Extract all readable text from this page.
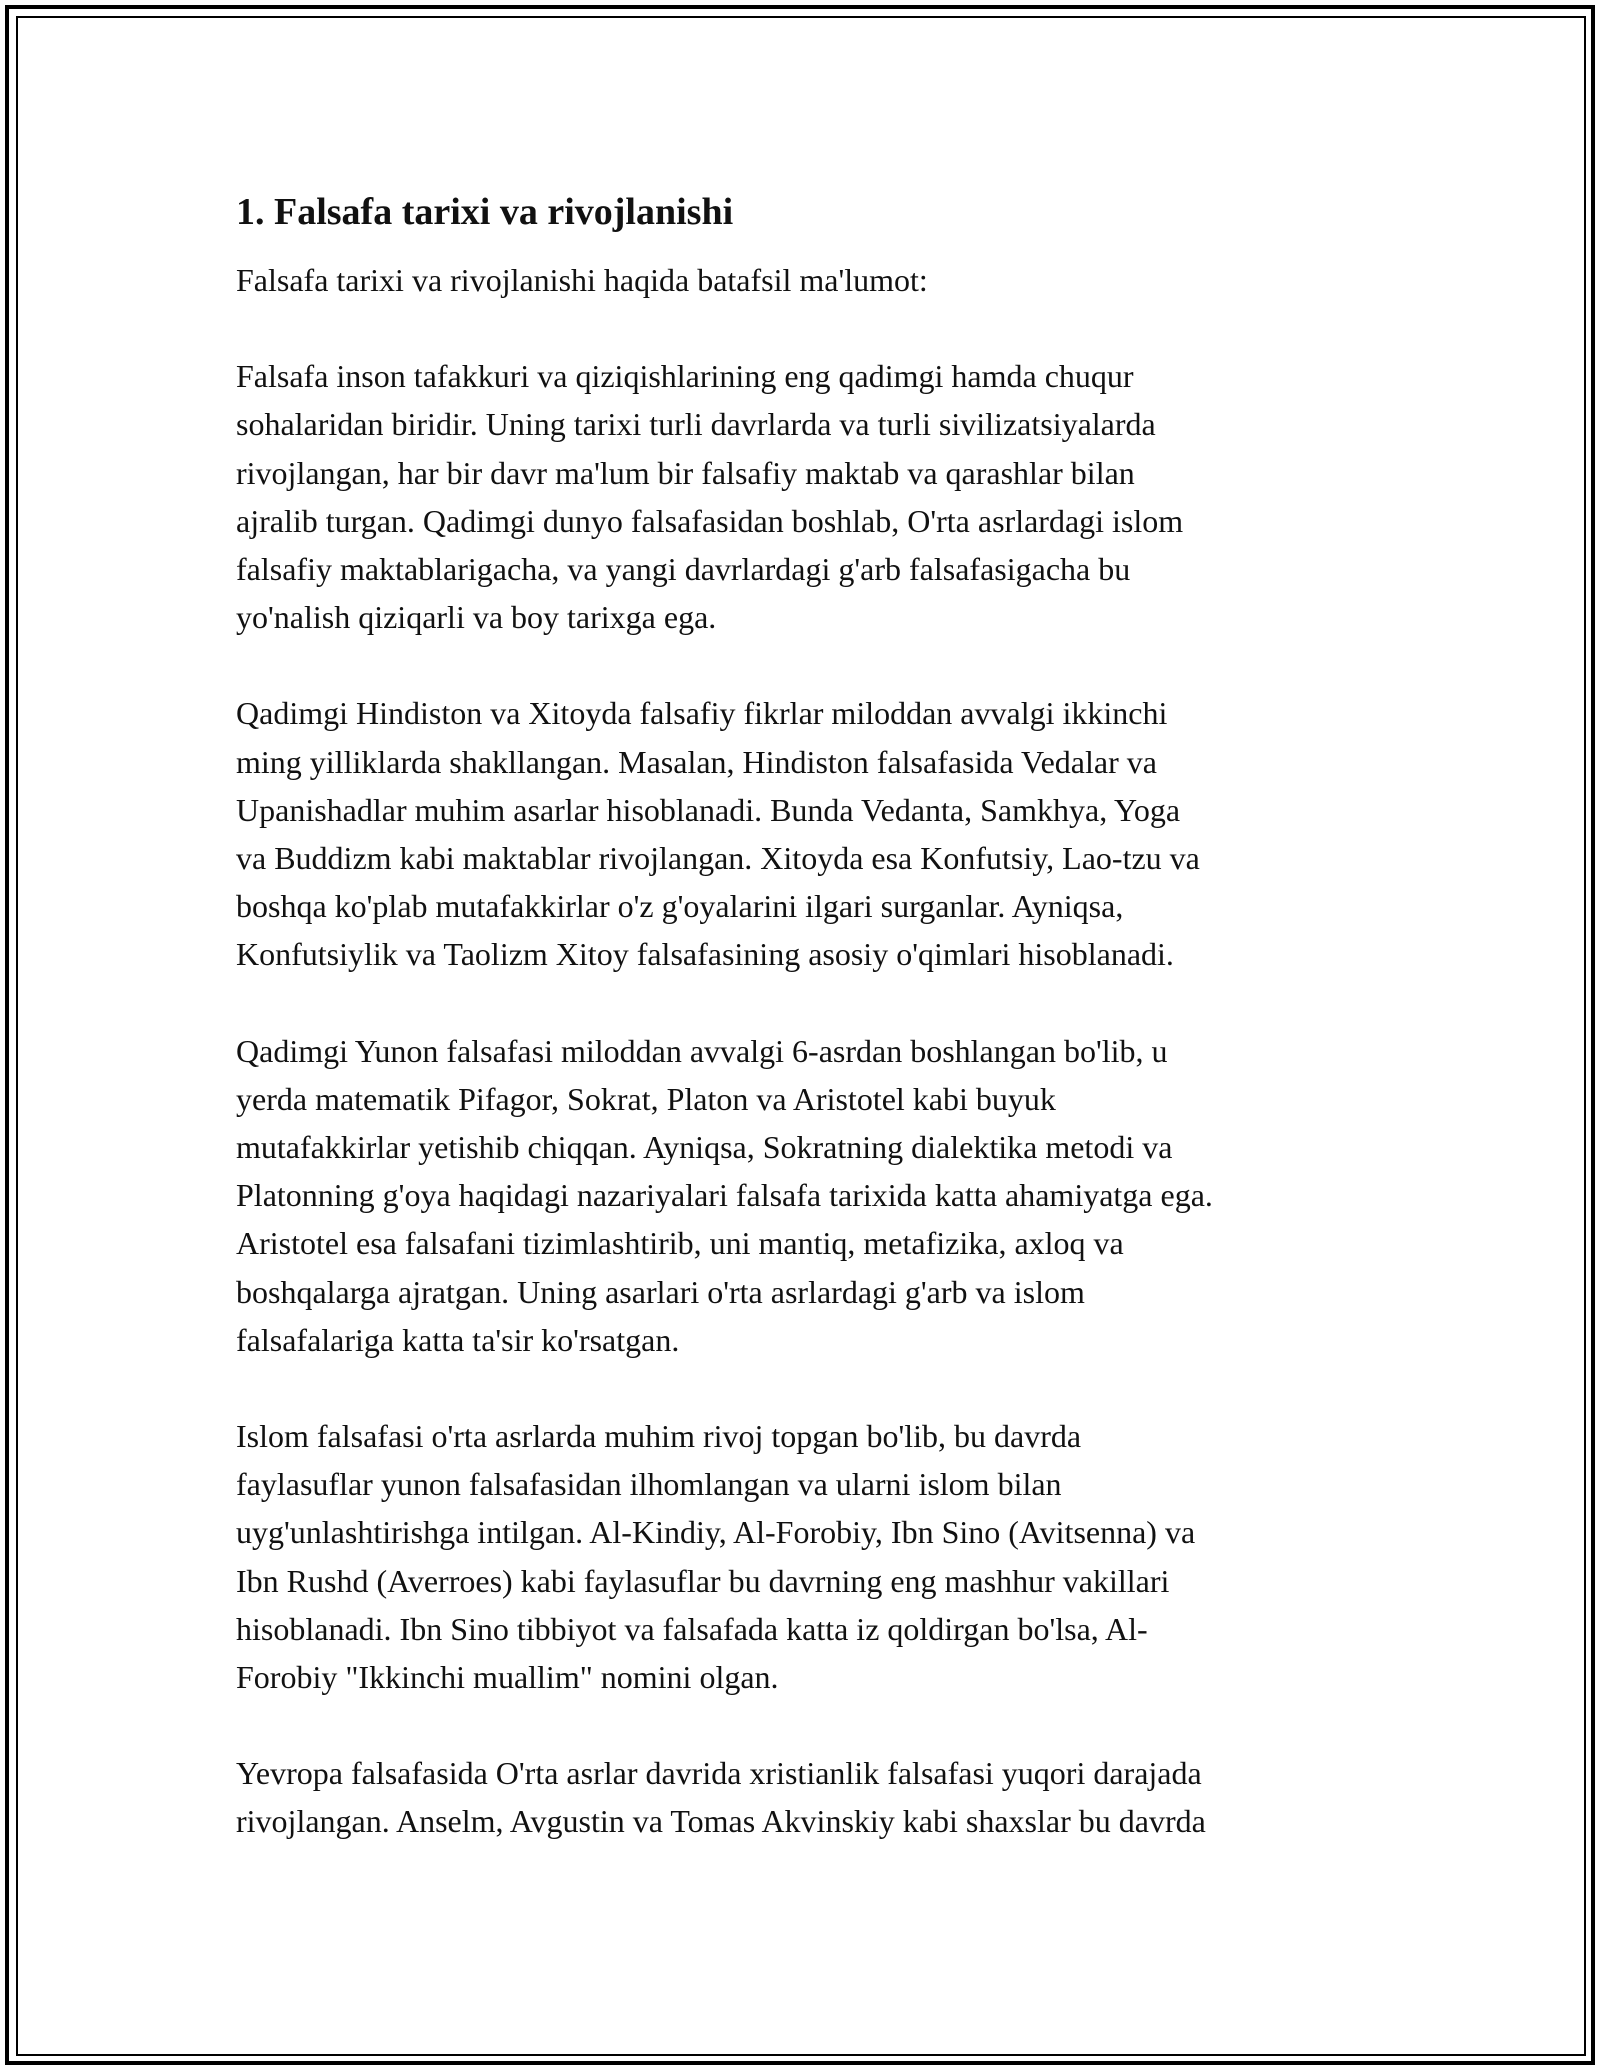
1. Falsafa tarixi va rivojlanishi

Falsafa tarixi va rivojlanishi haqida batafsil ma'lumot:

Falsafa inson tafakkuri va qiziqishlarining eng qadimgi hamda chuqur
sohalaridan biridir. Uning tarixi turli davrlarda va turli sivilizatsiyalarda
rivojlangan, har bir davr ma'lum bir falsafiy maktab va qarashlar bilan
ajralib turgan. Qadimgi dunyo falsafasidan boshlab, O'rta asrlardagi islom
falsafiy maktablarigacha, va yangi davrlardagi g'arb falsafasigacha bu
yo'nalish qiziqarli va boy tarixga ega.

Qadimgi Hindiston va Xitoyda falsafiy fikrlar miloddan avvalgi ikkinchi
ming yilliklarda shakllangan. Masalan, Hindiston falsafasida Vedalar va
Upanishadlar muhim asarlar hisoblanadi. Bunda Vedanta, Samkhya, Yoga
va Buddizm kabi maktablar rivojlangan. Xitoyda esa Konfutsiy, Lao-tzu va
boshqa ko'plab mutafakkirlar o'z g'oyalarini ilgari surganlar. Ayniqsa,
Konfutsiylik va Taolizm Xitoy falsafasining asosiy o'qimlari hisoblanadi.

Qadimgi Yunon falsafasi miloddan avvalgi 6-asrdan boshlangan bo'lib, u
yerda matematik Pifagor, Sokrat, Platon va Aristotel kabi buyuk
mutafakkirlar yetishib chiqqan. Ayniqsa, Sokratning dialektika metodi va
Platonning g'oya haqidagi nazariyalari falsafa tarixida katta ahamiyatga ega.
Aristotel esa falsafani tizimlashtirib, uni mantiq, metafizika, axloq va
boshqalarga ajratgan. Uning asarlari o'rta asrlardagi g'arb va islom
falsafalariga katta ta'sir ko'rsatgan.

Islom falsafasi o'rta asrlarda muhim rivoj topgan bo'lib, bu davrda
faylasuflar yunon falsafasidan ilhomlangan va ularni islom bilan
uyg'unlashtirishga intilgan. Al-Kindiy, Al-Forobiy, Ibn Sino (Avitsenna) va
Ibn Rushd (Averroes) kabi faylasuflar bu davrning eng mashhur vakillari
hisoblanadi. Ibn Sino tibbiyot va falsafada katta iz qoldirgan bo'lsa, Al-
Forobiy "Ikkinchi muallim" nomini olgan.

Yevropa falsafasida O'rta asrlar davrida xristianlik falsafasi yuqori darajada
rivojlangan. Anselm, Avgustin va Tomas Akvinskiy kabi shaxslar bu davrda
